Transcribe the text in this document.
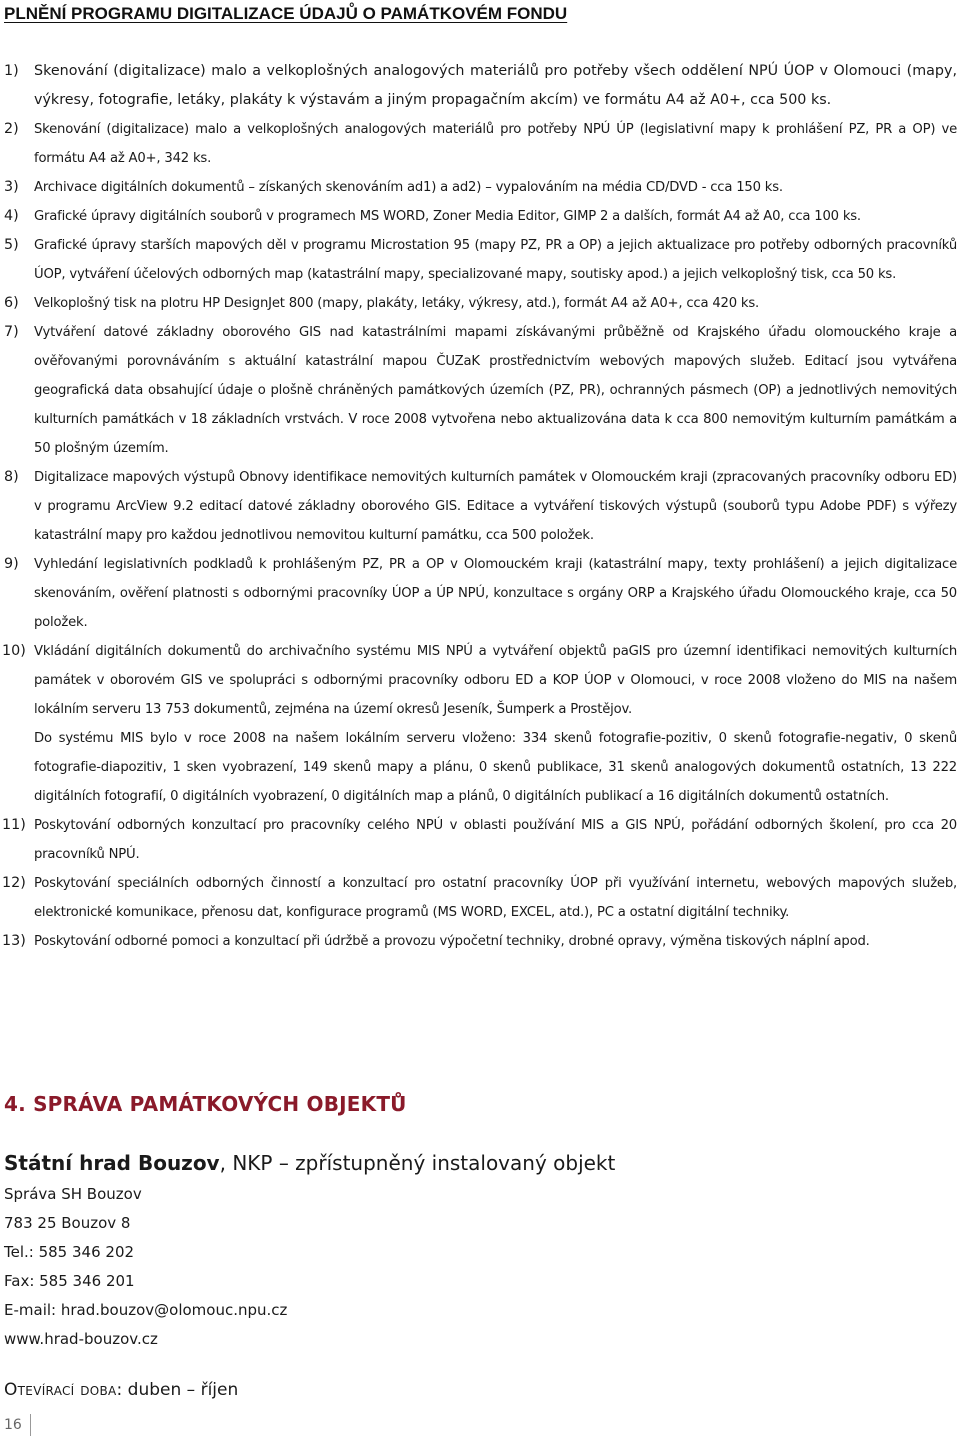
PLNĚNÍ PROGRAMU DIGITALIZACE ÚDAJŮ O PAMÁTKOVÉM FONDU
1) Skenování (digitalizace) malo a velkoplošných analogových materiálů pro potřeby všech oddělení NPÚ ÚOP v Olomouci (mapy, výkresy, fotografie, letáky, plakáty k výstavám a jiným propagačním akcím) ve formátu A4 až A0+, cca 500 ks.
2) Skenování (digitalizace) malo a velkoplošných analogových materiálů pro potřeby NPÚ ÚP (legislativní mapy k prohlášení PZ, PR a OP) ve formátu A4 až A0+, 342 ks.
3) Archivace digitálních dokumentů – získaných skenováním ad1) a ad2) – vypalováním na média CD/DVD - cca 150 ks.
4) Grafické úpravy digitálních souborů v programech MS WORD, Zoner Media Editor, GIMP 2 a dalších, formát A4 až A0, cca 100 ks.
5) Grafické úpravy starších mapových děl v programu Microstation 95 (mapy PZ, PR a OP) a jejich aktualizace pro potřeby odborných pracovníků ÚOP, vytváření účelových odborných map (katastrální mapy, specializované mapy, soutisky apod.) a jejich velkoplošný tisk, cca 50 ks.
6) Velkoplošný tisk na plotru HP DesignJet 800 (mapy, plakáty, letáky, výkresy, atd.), formát A4 až A0+, cca 420 ks.
7) Vytváření datové základny oborového GIS nad katastrálními mapami získávanými průběžně od Krajského úřadu olomouckého kraje a ověřovanými porovnáváním s aktuální katastrální mapou ČUZaK prostřednictvím webových mapových služeb. Editací jsou vytvářena geografická data obsahující údaje o plošně chráněných památkových územích (PZ, PR), ochranných pásmech (OP) a jednotlivých nemovitých kulturních památkách v 18 základních vrstvách. V roce 2008 vytvořena nebo aktualizována data k cca 800 nemovitým kulturním památkám a 50 plošným územím.
8) Digitalizace mapových výstupů Obnovy identifikace nemovitých kulturních památek v Olomouckém kraji (zpracovaných pracovníky odboru ED) v programu ArcView 9.2 editací datové základny oborového GIS. Editace a vytváření tiskových výstupů (souborů typu Adobe PDF) s výřezy katastrální mapy pro každou jednotlivou nemovitou kulturní památku, cca 500 položek.
9) Vyhledání legislativních podkladů k prohlášeným PZ, PR a OP v Olomouckém kraji (katastrální mapy, texty prohlášení) a jejich digitalizace skenováním, ověření platnosti s odbornými pracovníky ÚOP a ÚP NPÚ, konzultace s orgány ORP a Krajského úřadu Olomouckého kraje, cca 50 položek.
10) Vkládání digitálních dokumentů do archivačního systému MIS NPÚ a vytváření objektů paGIS pro územní identifikaci nemovitých kulturních památek v oborovém GIS ve spolupráci s odbornými pracovníky odboru ED a KOP ÚOP v Olomouci, v roce 2008 vloženo do MIS na našem lokálním serveru 13 753 dokumentů, zejména na území okresů Jeseník, Šumperk a Prostějov.
Do systému MIS bylo v roce 2008 na našem lokálním serveru vloženo: 334 skenů fotografie-pozitiv, 0 skenů fotografie-negativ, 0 skenů fotografie-diapozitiv, 1 sken vyobrazení, 149 skenů mapy a plánu, 0 skenů publikace, 31 skenů analogových dokumentů ostatních, 13 222 digitálních fotografií, 0 digitálních vyobrazení, 0 digitálních map a plánů, 0 digitálních publikací a 16 digitálních dokumentů ostatních.
11) Poskytování odborných konzultací pro pracovníky celého NPÚ v oblasti používání MIS a GIS NPÚ, pořádání odborných školení, pro cca 20 pracovníků NPÚ.
12) Poskytování speciálních odborných činností a konzultací pro ostatní pracovníky ÚOP při využívání internetu, webových mapových služeb, elektronické komunikace, přenosu dat, konfigurace programů (MS WORD, EXCEL, atd.), PC a ostatní digitální techniky.
13) Poskytování odborné pomoci a konzultací při údržbě a provozu výpočetní techniky, drobné opravy, výměna tiskových náplní apod.
4. SPRÁVA PAMÁTKOVÝCH OBJEKTŮ
Státní hrad Bouzov, NKP – zpřístupněný instalovaný objekt
Správa SH Bouzov
783 25 Bouzov 8
Tel.: 585 346 202
Fax: 585 346 201
E-mail: hrad.bouzov@olomouc.npu.cz
www.hrad-bouzov.cz
Otevírací doba: duben – říjen
16
